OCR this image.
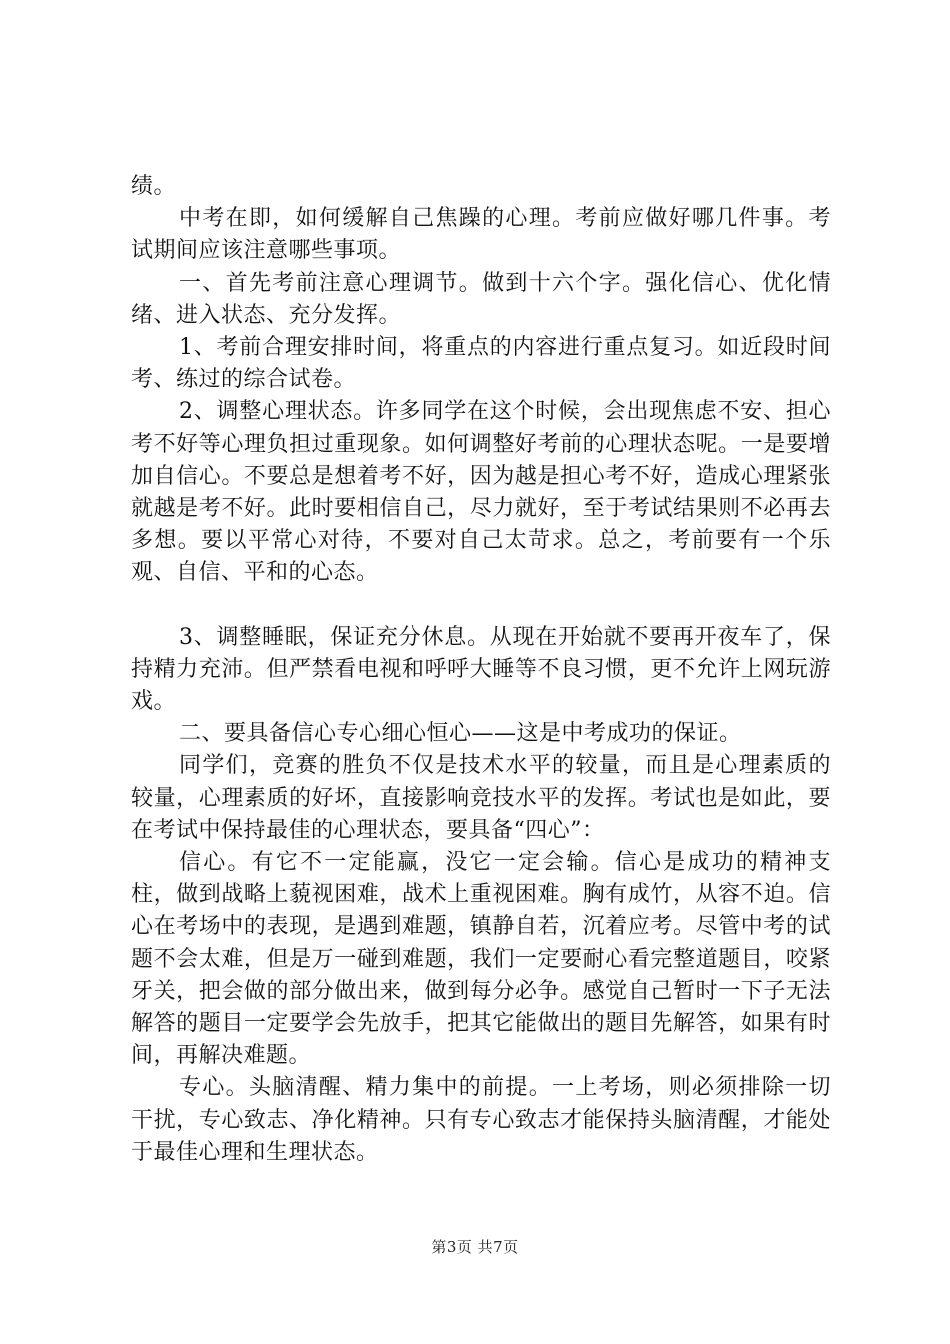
绩。

中考在即，如何缓解自己焦躁的心理。考前应做好哪几件事。考试期间应该注意哪些事项。

一、首先考前注意心理调节。做到十六个字。强化信心、优化情绪、进入状态、充分发挥。

1、考前合理安排时间，将重点的内容进行重点复习。如近段时间考、练过的综合试卷。

2、调整心理状态。许多同学在这个时候，会出现焦虑不安、担心考不好等心理负担过重现象。如何调整好考前的心理状态呢。一是要增加自信心。不要总是想着考不好，因为越是担心考不好，造成心理紧张就越是考不好。此时要相信自己，尽力就好，至于考试结果则不必再去多想。要以平常心对待，不要对自己太苛求。总之，考前要有一个乐观、自信、平和的心态。

3、调整睡眠，保证充分休息。从现在开始就不要再开夜车了，保持精力充沛。但严禁看电视和呼呼大睡等不良习惯，更不允许上网玩游戏。

二、要具备信心专心细心恒心——这是中考成功的保证。

同学们，竞赛的胜负不仅是技术水平的较量，而且是心理素质的较量，心理素质的好坏，直接影响竞技水平的发挥。考试也是如此，要在考试中保持最佳的心理状态，要具备“四心”：

信心。有它不一定能赢，没它一定会输。信心是成功的精神支柱，做到战略上藐视困难，战术上重视困难。胸有成竹，从容不迫。信心在考场中的表现，是遇到难题，镇静自若，沉着应考。尽管中考的试题不会太难，但是万一碰到难题，我们一定要耐心看完整道题目，咬紧牙关，把会做的部分做出来，做到每分必争。感觉自己暂时一下子无法解答的题目一定要学会先放手，把其它能做出的题目先解答，如果有时间，再解决难题。

专心。头脑清醒、精力集中的前提。一上考场，则必须排除一切干扰，专心致志、净化精神。只有专心致志才能保持头脑清醒，才能处于最佳心理和生理状态。

第3页 共7页
